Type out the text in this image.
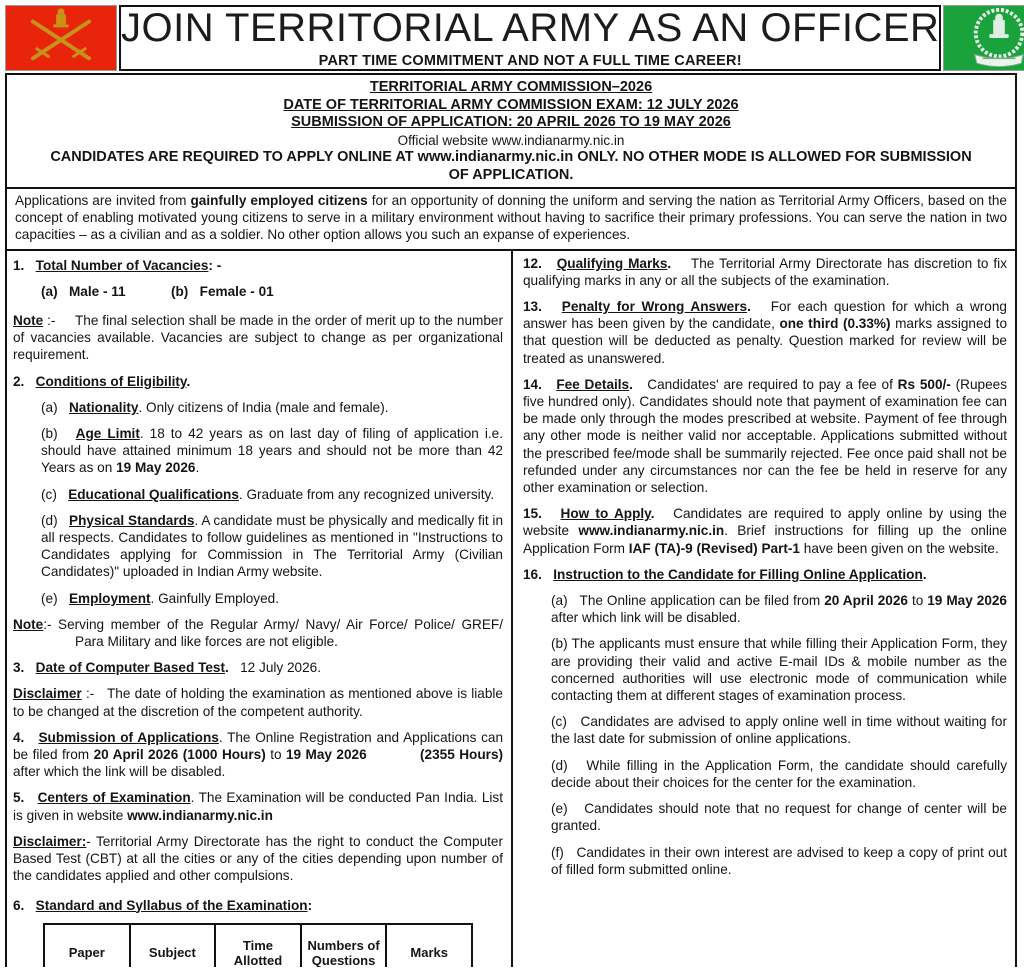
JOIN TERRITORIAL ARMY AS AN OFFICER
PART TIME COMMITMENT AND NOT A FULL TIME CAREER!
TERRITORIAL ARMY COMMISSION–2026
DATE OF TERRITORIAL ARMY COMMISSION EXAM: 12 JULY 2026
SUBMISSION OF APPLICATION: 20 APRIL 2026 TO 19 MAY 2026
Official website www.indianarmy.nic.in
CANDIDATES ARE REQUIRED TO APPLY ONLINE AT www.indianarmy.nic.in ONLY. NO OTHER MODE IS ALLOWED FOR SUBMISSION OF APPLICATION.
Applications are invited from gainfully employed citizens for an opportunity of donning the uniform and serving the nation as Territorial Army Officers, based on the concept of enabling motivated young citizens to serve in a military environment without having to sacrifice their primary professions. You can serve the nation in two capacities – as a civilian and as a soldier. No other option allows you such an expanse of experiences.
1.   Total Number of Vacancies: -
(a)   Male - 11	(b)   Female - 01
Note :-     The final selection shall be made in the order of merit up to the number of vacancies available. Vacancies are subject to change as per organizational requirement.
2.   Conditions of Eligibility.
(a)   Nationality. Only citizens of India (male and female).
(b)   Age Limit. 18 to 42 years as on last day of filing of application i.e. should have attained minimum 18 years and should not be more than 42 Years as on 19 May 2026.
(c)   Educational Qualifications. Graduate from any recognized university.
(d)   Physical Standards. A candidate must be physically and medically fit in all respects. Candidates to follow guidelines as mentioned in "Instructions to Candidates applying for Commission in The Territorial Army (Civilian Candidates)" uploaded in Indian Army website.
(e)   Employment. Gainfully Employed.
Note:- Serving member of the Regular Army/ Navy/ Air Force/ Police/ GREF/ Para Military and like forces are not eligible.
3.   Date of Computer Based Test.   12 July 2026.
Disclaimer :-   The date of holding the examination as mentioned above is liable to be changed at the discretion of the competent authority.
4.   Submission of Applications. The Online Registration and Applications can be filed from 20 April 2026 (1000 Hours) to 19 May 2026	(2355 Hours) after which the link will be disabled.
5.   Centers of Examination. The Examination will be conducted Pan India. List is given in website www.indianarmy.nic.in
Disclaimer:- Territorial Army Directorate has the right to conduct the Computer Based Test (CBT) at all the cities or any of the cities depending upon number of the candidates applied and other compulsions.
6.   Standard and Syllabus of the Examination:
Paper	Subject	Time Allotted	Numbers of Questions	Marks
12.   Qualifying Marks.    The Territorial Army Directorate has discretion to fix qualifying marks in any or all the subjects of the examination.
13.   Penalty for Wrong Answers.   For each question for which a wrong answer has been given by the candidate, one third (0.33%) marks assigned to that question will be deducted as penalty. Question marked for review will be treated as unanswered.
14.   Fee Details.   Candidates' are required to pay a fee of Rs 500/- (Rupees five hundred only). Candidates should note that payment of examination fee can be made only through the modes prescribed at website. Payment of fee through any other mode is neither valid nor acceptable. Applications submitted without the prescribed fee/mode shall be summarily rejected. Fee once paid shall not be refunded under any circumstances nor can the fee be held in reserve for any other examination or selection.
15.   How to Apply.   Candidates are required to apply online by using the website www.indianarmy.nic.in. Brief instructions for filling up the online Application Form IAF (TA)-9 (Revised) Part-1 have been given on the website.
16.   Instruction to the Candidate for Filling Online Application.
(a)   The Online application can be filed from 20 April 2026 to 19 May 2026 after which link will be disabled.
(b) The applicants must ensure that while filling their Application Form, they are providing their valid and active E-mail IDs & mobile number as the concerned authorities will use electronic mode of communication while contacting them at different stages of examination process.
(c)   Candidates are advised to apply online well in time without waiting for the last date for submission of online applications.
(d)   While filling in the Application Form, the candidate should carefully decide about their choices for the center for the examination.
(e)   Candidates should note that no request for change of center will be granted.
(f)   Candidates in their own interest are advised to keep a copy of print out of filled form submitted online.
